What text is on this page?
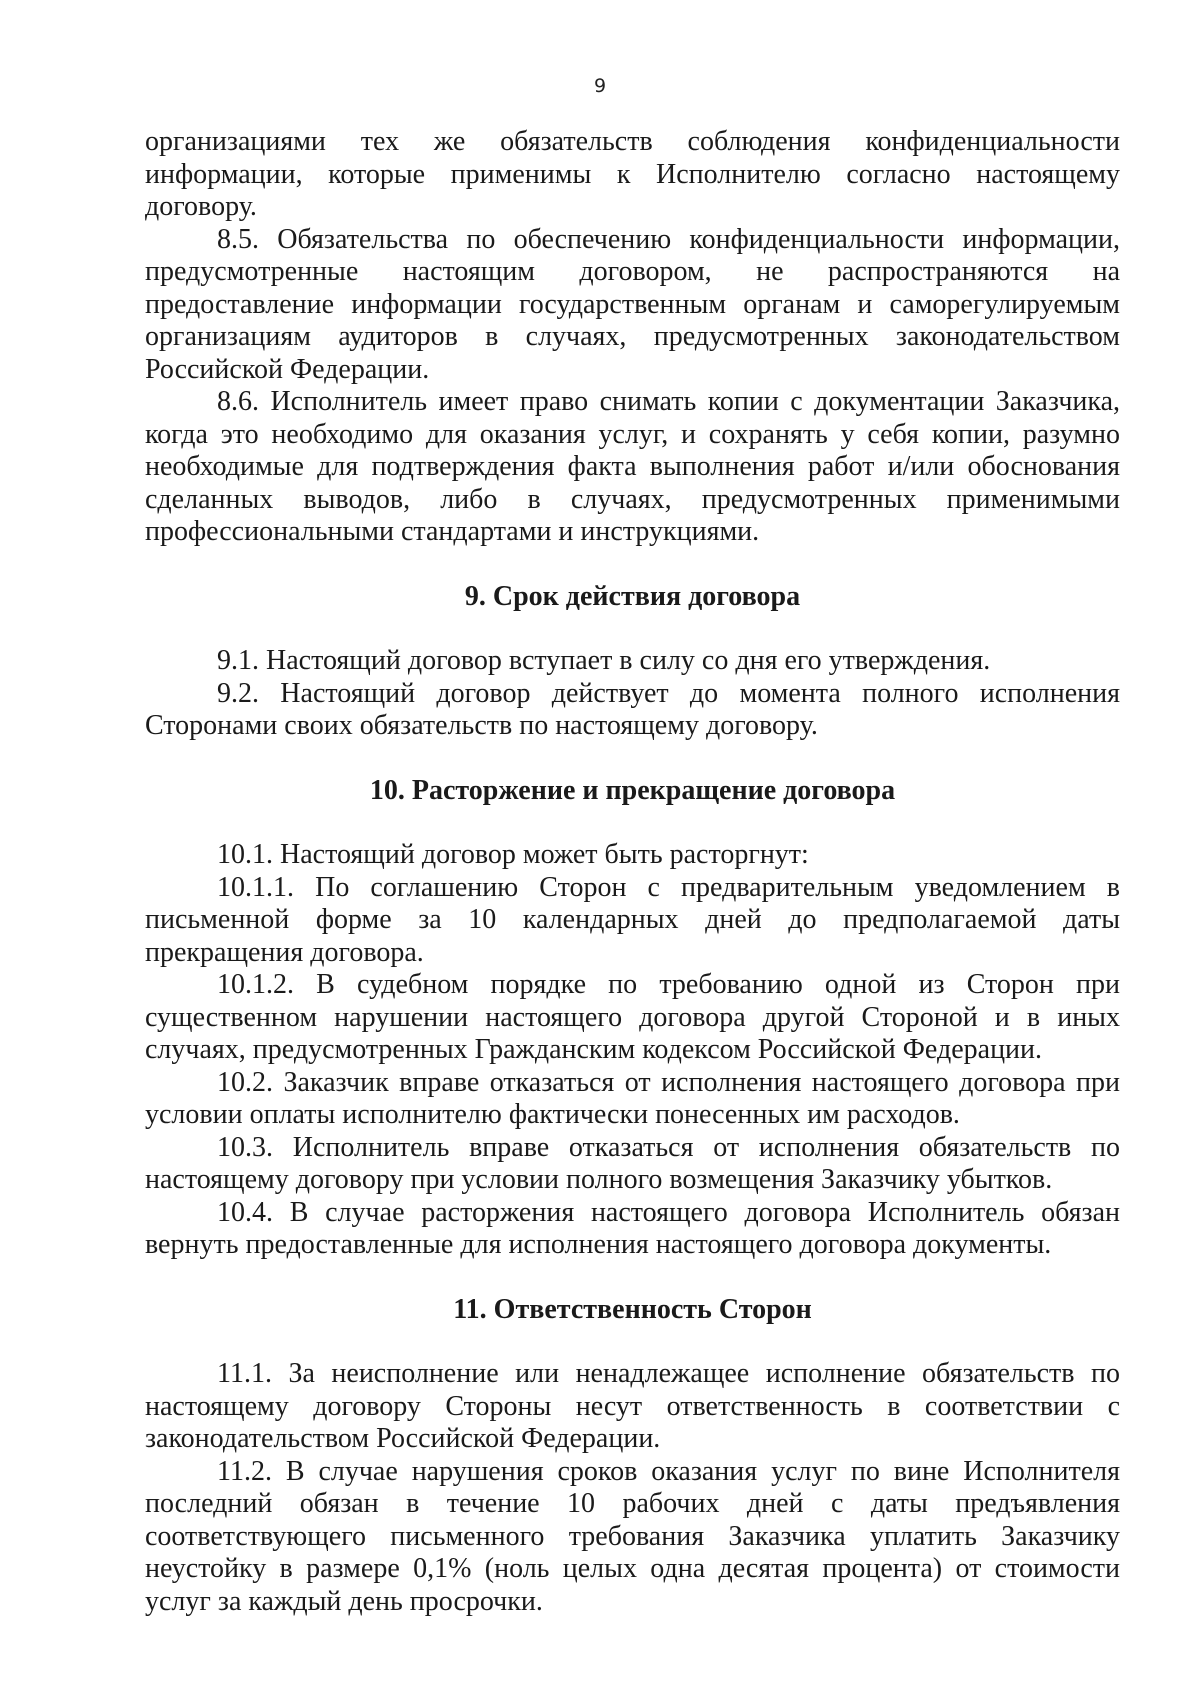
9

организациями тех же обязательств соблюдения конфиденциальности информации, которые применимы к Исполнителю согласно настоящему договору.

8.5. Обязательства по обеспечению конфиденциальности информации, предусмотренные настоящим договором, не распространяются на предоставление информации государственным органам и саморегулируемым организациям аудиторов в случаях, предусмотренных законодательством Российской Федерации.

8.6. Исполнитель имеет право снимать копии с документации Заказчика, когда это необходимо для оказания услуг, и сохранять у себя копии, разумно необходимые для подтверждения факта выполнения работ и/или обоснования сделанных выводов, либо в случаях, предусмотренных применимыми профессиональными стандартами и инструкциями.

9. Срок действия договора

9.1. Настоящий договор вступает в силу со дня его утверждения.

9.2. Настоящий договор действует до момента полного исполнения Сторонами своих обязательств по настоящему договору.

10. Расторжение и прекращение договора

10.1. Настоящий договор может быть расторгнут:

10.1.1. По соглашению Сторон с предварительным уведомлением в письменной форме за 10 календарных дней до предполагаемой даты прекращения договора.

10.1.2. В судебном порядке по требованию одной из Сторон при существенном нарушении настоящего договора другой Стороной и в иных случаях, предусмотренных Гражданским кодексом Российской Федерации.

10.2. Заказчик вправе отказаться от исполнения настоящего договора при условии оплаты исполнителю фактически понесенных им расходов.

10.3. Исполнитель вправе отказаться от исполнения обязательств по настоящему договору при условии полного возмещения Заказчику убытков.

10.4. В случае расторжения настоящего договора Исполнитель обязан вернуть предоставленные для исполнения настоящего договора документы.

11. Ответственность Сторон

11.1. За неисполнение или ненадлежащее исполнение обязательств по настоящему договору Стороны несут ответственность в соответствии с законодательством Российской Федерации.

11.2. В случае нарушения сроков оказания услуг по вине Исполнителя последний обязан в течение 10 рабочих дней с даты предъявления соответствующего письменного требования Заказчика уплатить Заказчику неустойку в размере 0,1% (ноль целых одна десятая процента) от стоимости услуг за каждый день просрочки.
